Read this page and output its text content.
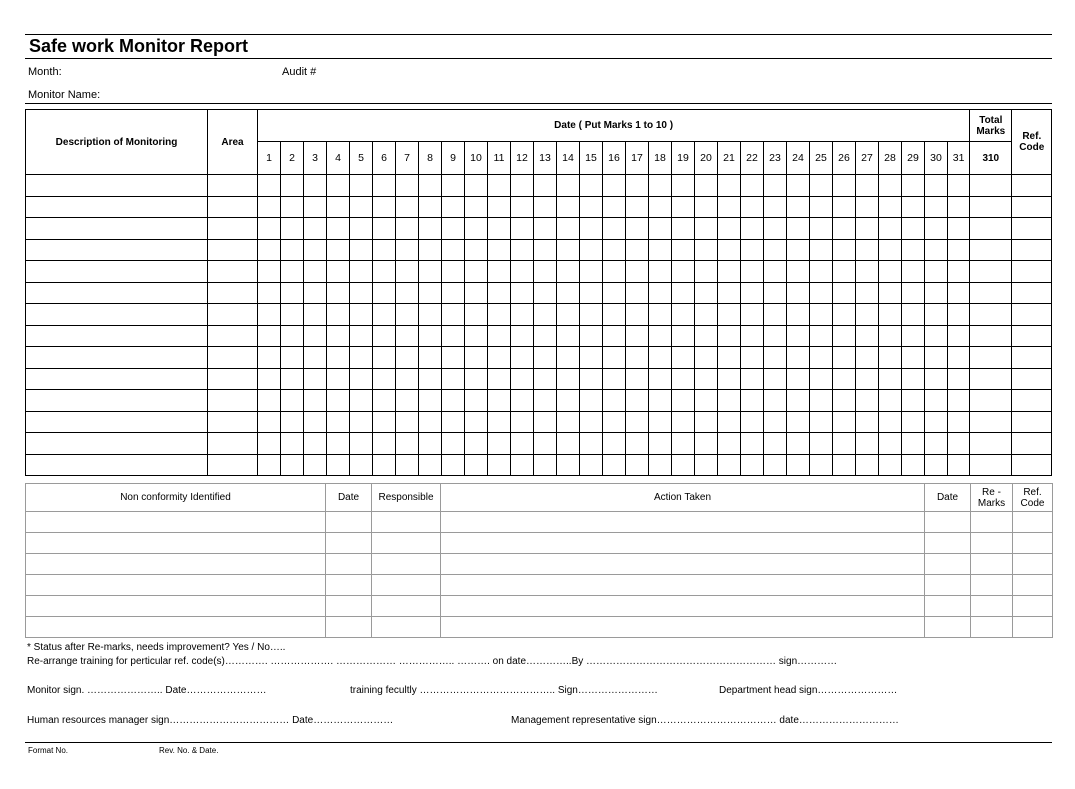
Safe work Monitor Report
Month:	Audit #
Monitor Name:
Description of Monitoring	Area	Date ( Put Marks 1 to 10 )																															Total Marks	Ref. Code
		1	2	3	4	5	6	7	8	9	10	11	12	13	14	15	16	17	18	19	20	21	22	23	24	25	26	27	28	29	30	31	310	

Non conformity Identified	Date	Responsible	Action Taken	Date	Re - Marks	Ref. Code

* Status after Re-marks, needs improvement? Yes / No…..
Re-arrange training for perticular ref. code(s)…………. ………………. ……………… …………….. ………. on date…………..By ………………………………………………… sign…………
Monitor sign. ………………….. Date……………………	training fecultly ………………………………….. Sign……………………	Department head sign……………………
Human resources manager sign……………………………… Date……………………	Management representative sign……………………………… date…………………………
Format No.	Rev. No. & Date.
